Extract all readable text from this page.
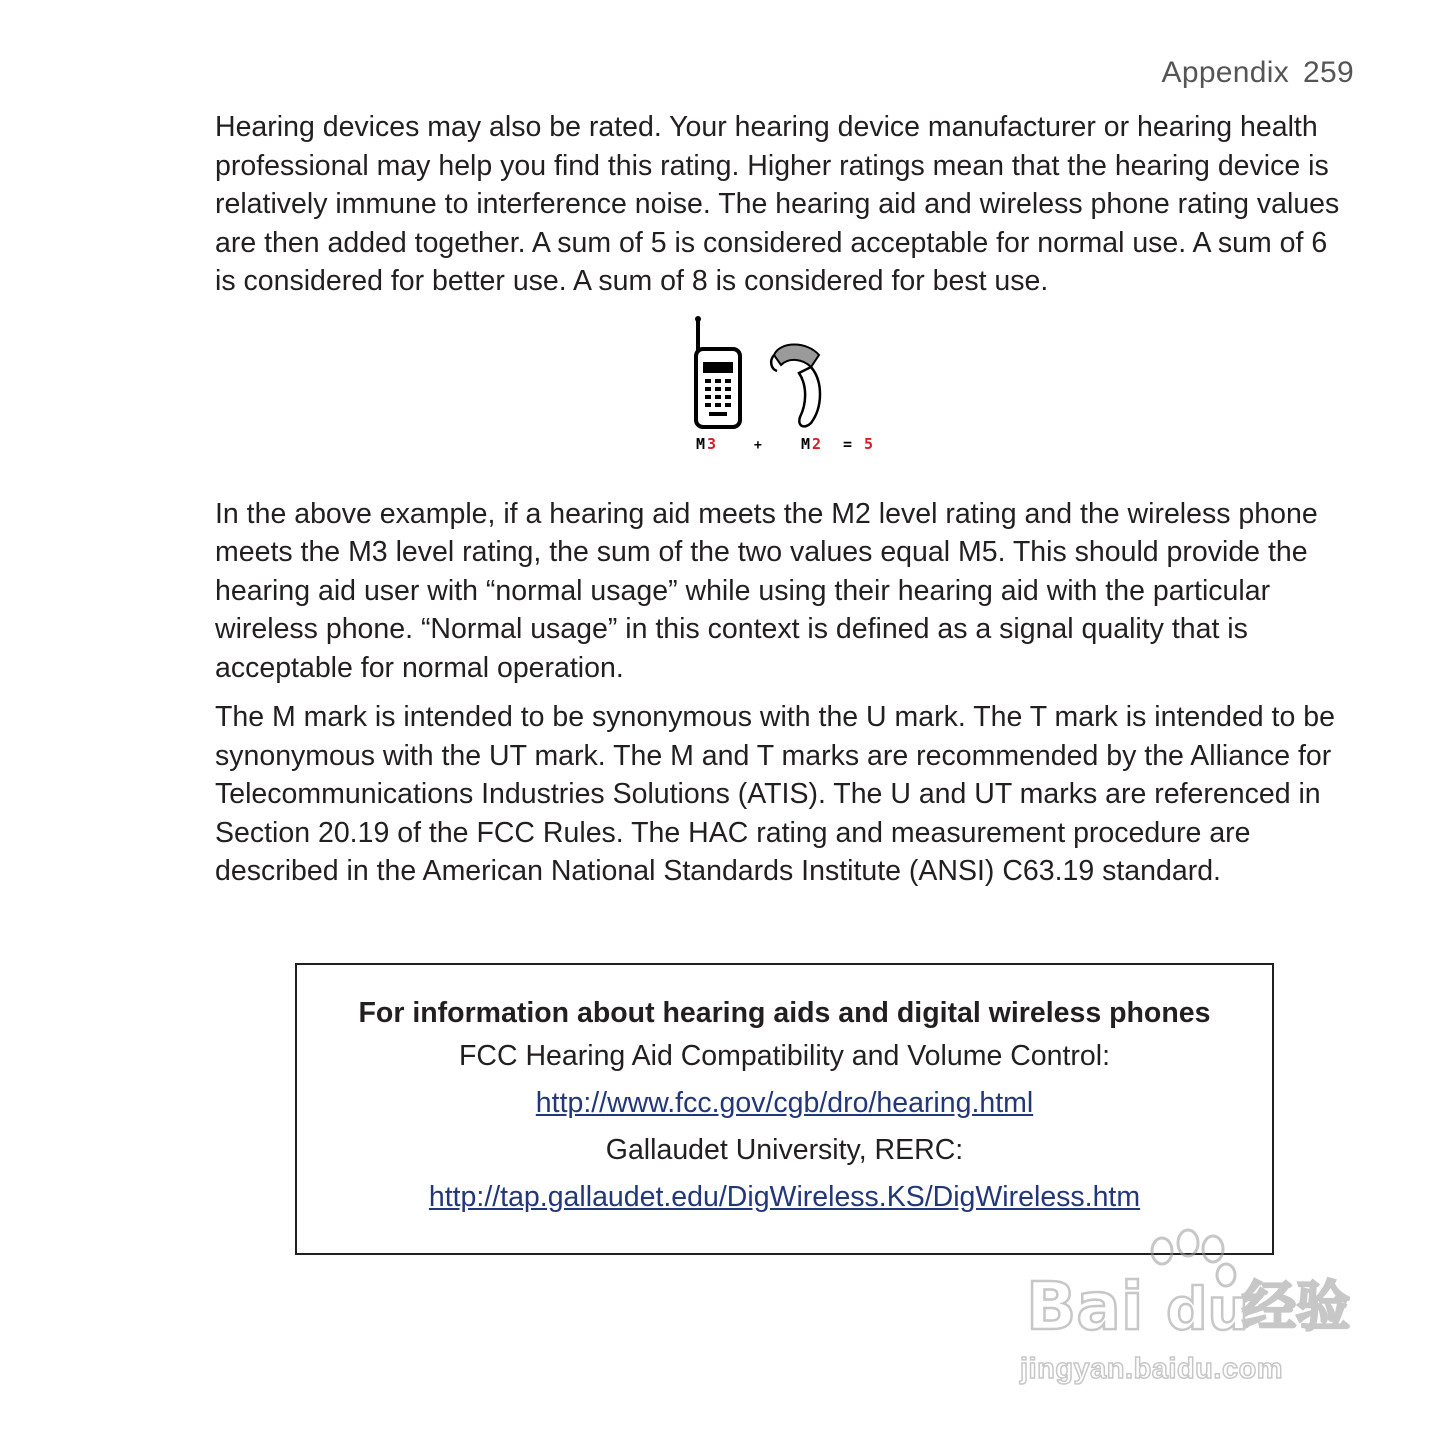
Appendix 259

Hearing devices may also be rated. Your hearing device manufacturer or hearing health professional may help you find this rating. Higher ratings mean that the hearing device is relatively immune to interference noise. The hearing aid and wireless phone rating values are then added together. A sum of 5 is considered acceptable for normal use. A sum of 6 is considered for better use. A sum of 8 is considered for best use.

M 3	+	M 2 = 5

In the above example, if a hearing aid meets the M2 level rating and the wireless phone meets the M3 level rating, the sum of the two values equal M5. This should provide the hearing aid user with “normal usage” while using their hearing aid with the particular wireless phone. “Normal usage” in this context is defined as a signal quality that is acceptable for normal operation.

The M mark is intended to be synonymous with the U mark. The T mark is intended to be synonymous with the UT mark. The M and T marks are recommended by the Alliance for Telecommunications Industries Solutions (ATIS). The U and UT marks are referenced in Section 20.19 of the FCC Rules. The HAC rating and measurement procedure are described in the American National Standards Institute (ANSI) C63.19 standard.

For information about hearing aids and digital wireless phones
FCC Hearing Aid Compatibility and Volume Control:
http://www.fcc.gov/cgb/dro/hearing.html
Gallaudet University, RERC:
http://tap.gallaudet.edu/DigWireless.KS/DigWireless.htm
Bai du
经验
jingyan.baidu.com
